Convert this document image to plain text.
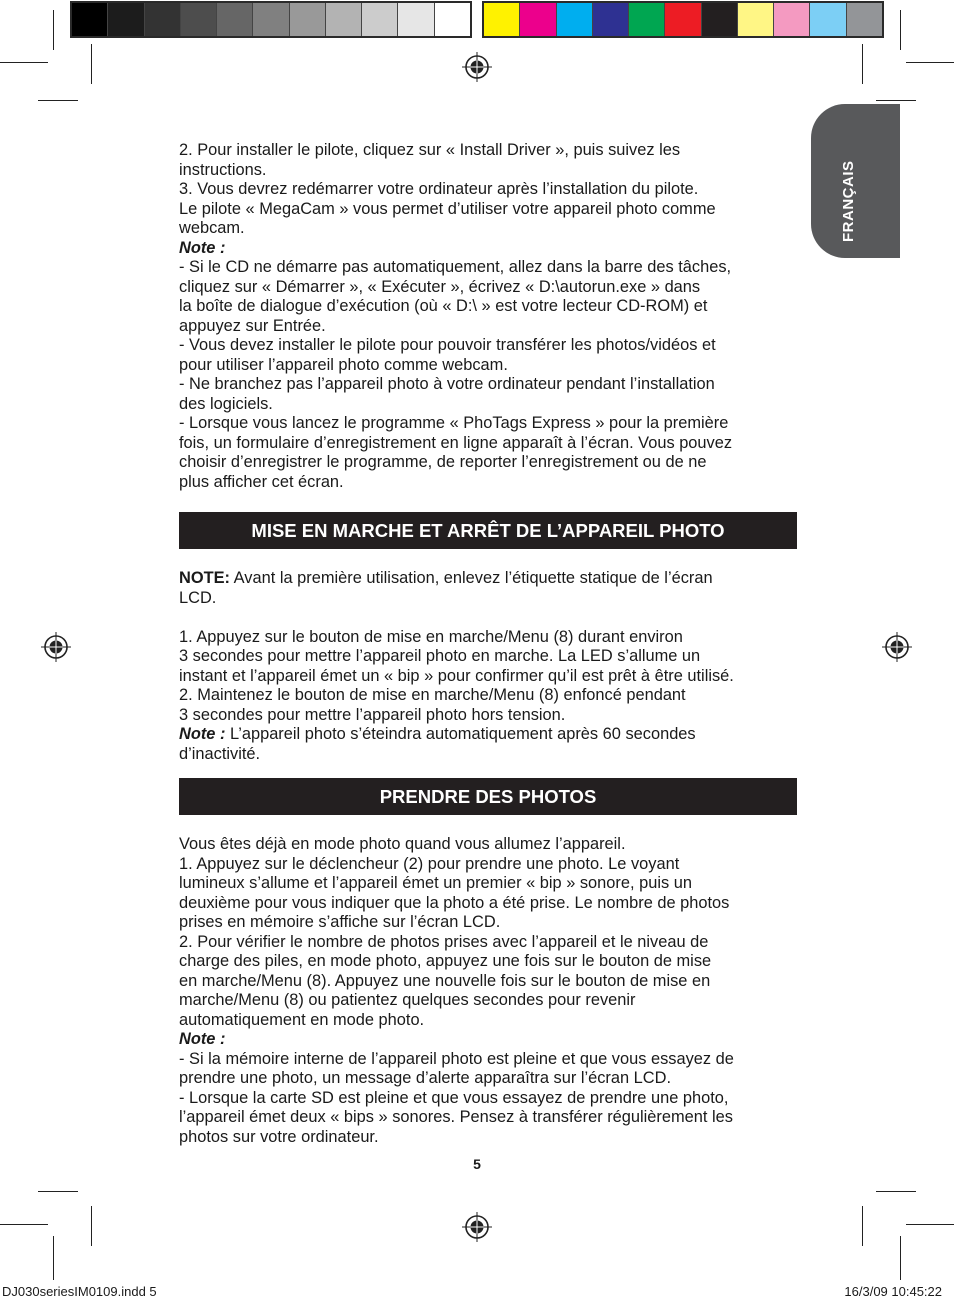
FRANÇAIS

2. Pour installer le pilote, cliquez sur « Install Driver », puis suivez les

instructions.

3. Vous devrez redémarrer votre ordinateur après l’installation du pilote.

Le pilote « MegaCam » vous permet d’utiliser votre appareil photo comme

webcam.

Note :

- Si le CD ne démarre pas automatiquement, allez dans la barre des tâches,

cliquez sur « Démarrer », « Exécuter », écrivez « D:\autorun.exe » dans

la boîte de dialogue d’exécution (où « D:\ » est votre lecteur CD-ROM) et

appuyez sur Entrée.

- Vous devez installer le pilote pour pouvoir transférer les photos/vidéos et

pour utiliser l’appareil photo comme webcam.

- Ne branchez pas l’appareil photo à votre ordinateur pendant l’installation

des logiciels.

- Lorsque vous lancez le programme « PhoTags Express » pour la première

fois, un formulaire d’enregistrement en ligne apparaît à l’écran. Vous pouvez

choisir d’enregistrer le programme, de reporter l’enregistrement ou de ne

plus afficher cet écran.

MISE EN MARCHE ET ARRÊT DE L’APPAREIL PHOTO

NOTE: Avant la première utilisation, enlevez l’étiquette statique de l’écran

LCD.

1. Appuyez sur le bouton de mise en marche/Menu (8) durant environ

3 secondes pour mettre l’appareil photo en marche. La LED s’allume un

instant et l’appareil émet un « bip » pour confirmer qu’il est prêt à être utilisé.

2. Maintenez le bouton de mise en marche/Menu (8) enfoncé pendant

3 secondes pour mettre l’appareil photo hors tension.

Note : L’appareil photo s’éteindra automatiquement après 60 secondes

d’inactivité.

PRENDRE DES PHOTOS

Vous êtes déjà en mode photo quand vous allumez l’appareil.

1. Appuyez sur le déclencheur (2) pour prendre une photo. Le voyant

lumineux s’allume et l’appareil émet un premier « bip » sonore, puis un

deuxième pour vous indiquer que la photo a été prise. Le nombre de photos

prises en mémoire s’affiche sur l’écran LCD.

2. Pour vérifier le nombre de photos prises avec l’appareil et le niveau de

charge des piles, en mode photo, appuyez une fois sur le bouton de mise

en marche/Menu (8). Appuyez une nouvelle fois sur le bouton de mise en

marche/Menu (8) ou patientez quelques secondes pour revenir

automatiquement en mode photo.

Note :

- Si la mémoire interne de l’appareil photo est pleine et que vous essayez de

prendre une photo, un message d’alerte apparaîtra sur l’écran LCD.

- Lorsque la carte SD est pleine et que vous essayez de prendre une photo,

l’appareil émet deux « bips » sonores. Pensez à transférer régulièrement les

photos sur votre ordinateur.

5
DJ030seriesIM0109.indd 5	16/3/09 10:45:22
